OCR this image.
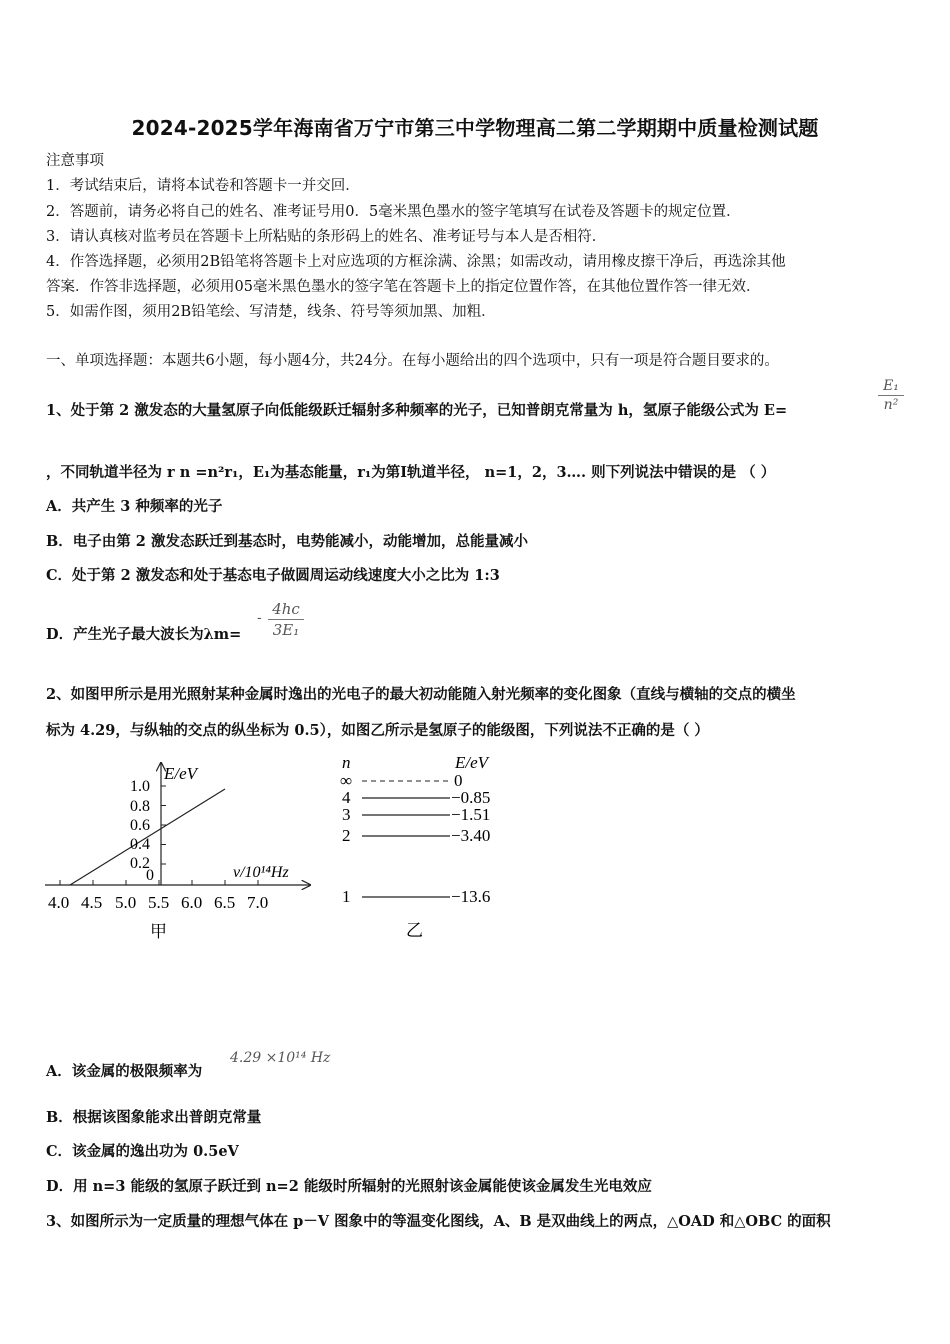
2024-2025学年海南省万宁市第三中学物理高二第二学期期中质量检测试题
注意事项
1．考试结束后，请将本试卷和答题卡一并交回．
2．答题前，请务必将自己的姓名、准考证号用0．5毫米黑色墨水的签字笔填写在试卷及答题卡的规定位置．
3．请认真核对监考员在答题卡上所粘贴的条形码上的姓名、准考证号与本人是否相符．
4．作答选择题，必须用2B铅笔将答题卡上对应选项的方框涂满、涂黑；如需改动，请用橡皮擦干净后，再选涂其他
答案．作答非选择题，必须用05毫米黑色墨水的签字笔在答题卡上的指定位置作答，在其他位置作答一律无效．
5．如需作图，须用2B铅笔绘、写清楚，线条、符号等须加黑、加粗．
一、单项选择题：本题共6小题，每小题4分，共24分。在每小题给出的四个选项中，只有一项是符合题目要求的。
1、处于第 2 激发态的大量氢原子向低能级跃迁辐射多种频率的光子，已知普朗克常量为 h，氢原子能级公式为 E=
E₁
n²
，不同轨道半径为 r n =n²r₁，E₁为基态能量，r₁为第Ⅰ轨道半径， n=1，2，3…. 则下列说法中错误的是 （ ）
A．共产生 3 种频率的光子
B．电子由第 2 激发态跃迁到基态时，电势能减小，动能增加，总能量减小
C．处于第 2 激发态和处于基态电子做圆周运动线速度大小之比为 1:3
D．产生光子最大波长为λm=
- 4hc
3E₁
2、如图甲所示是用光照射某种金属时逸出的光电子的最大初动能随入射光频率的变化图象（直线与横轴的交点的横坐
标为 4.29，与纵轴的交点的纵坐标为 0.5），如图乙所示是氢原子的能级图，下列说法不正确的是（ ）
E/eV
ν/10¹⁴Hz
1.0
0.8
0.6
0.4
0.2
0
4.0 4.5 5.0 5.5 6.0 6.5 7.0
甲
n	E/eV
∞	0
4	−0.85
3	−1.51
2	−3.40
1	−13.6
乙
A．该金属的极限频率为
4.29 ×10¹⁴ Hz
B．根据该图象能求出普朗克常量
C．该金属的逸出功为 0.5eV
D．用 n=3 能级的氢原子跃迁到 n=2 能级时所辐射的光照射该金属能使该金属发生光电效应
3、如图所示为一定质量的理想气体在 p－V 图象中的等温变化图线，A、B 是双曲线上的两点，△OAD 和△OBC 的面积
